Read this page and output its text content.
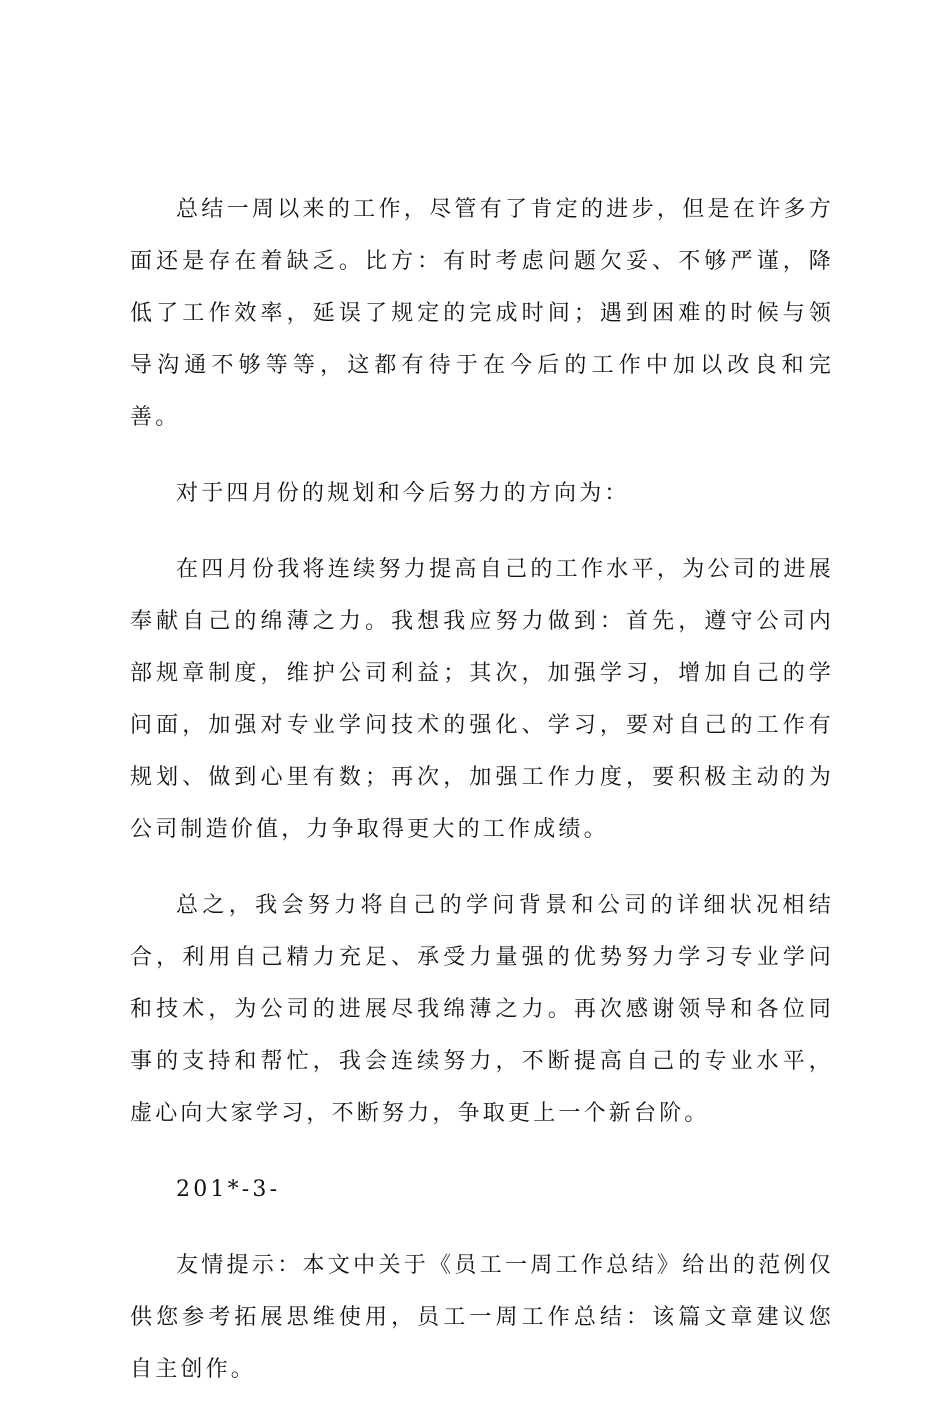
总结一周以来的工作，尽管有了肯定的进步，但是在许多方面还是存在着缺乏。比方：有时考虑问题欠妥、不够严谨，降低了工作效率，延误了规定的完成时间；遇到困难的时候与领导沟通不够等等，这都有待于在今后的工作中加以改良和完善。

对于四月份的规划和今后努力的方向为：

在四月份我将连续努力提高自己的工作水平，为公司的进展奉献自己的绵薄之力。我想我应努力做到：首先，遵守公司内部规章制度，维护公司利益；其次，加强学习，增加自己的学问面，加强对专业学问技术的强化、学习，要对自己的工作有规划、做到心里有数；再次，加强工作力度，要积极主动的为公司制造价值，力争取得更大的工作成绩。

总之，我会努力将自己的学问背景和公司的详细状况相结合，利用自己精力充足、承受力量强的优势努力学习专业学问和技术，为公司的进展尽我绵薄之力。再次感谢领导和各位同事的支持和帮忙，我会连续努力，不断提高自己的专业水平，虚心向大家学习，不断努力，争取更上一个新台阶。

201*-3-

友情提示：本文中关于《员工一周工作总结》给出的范例仅供您参考拓展思维使用，员工一周工作总结：该篇文章建议您自主创作。
